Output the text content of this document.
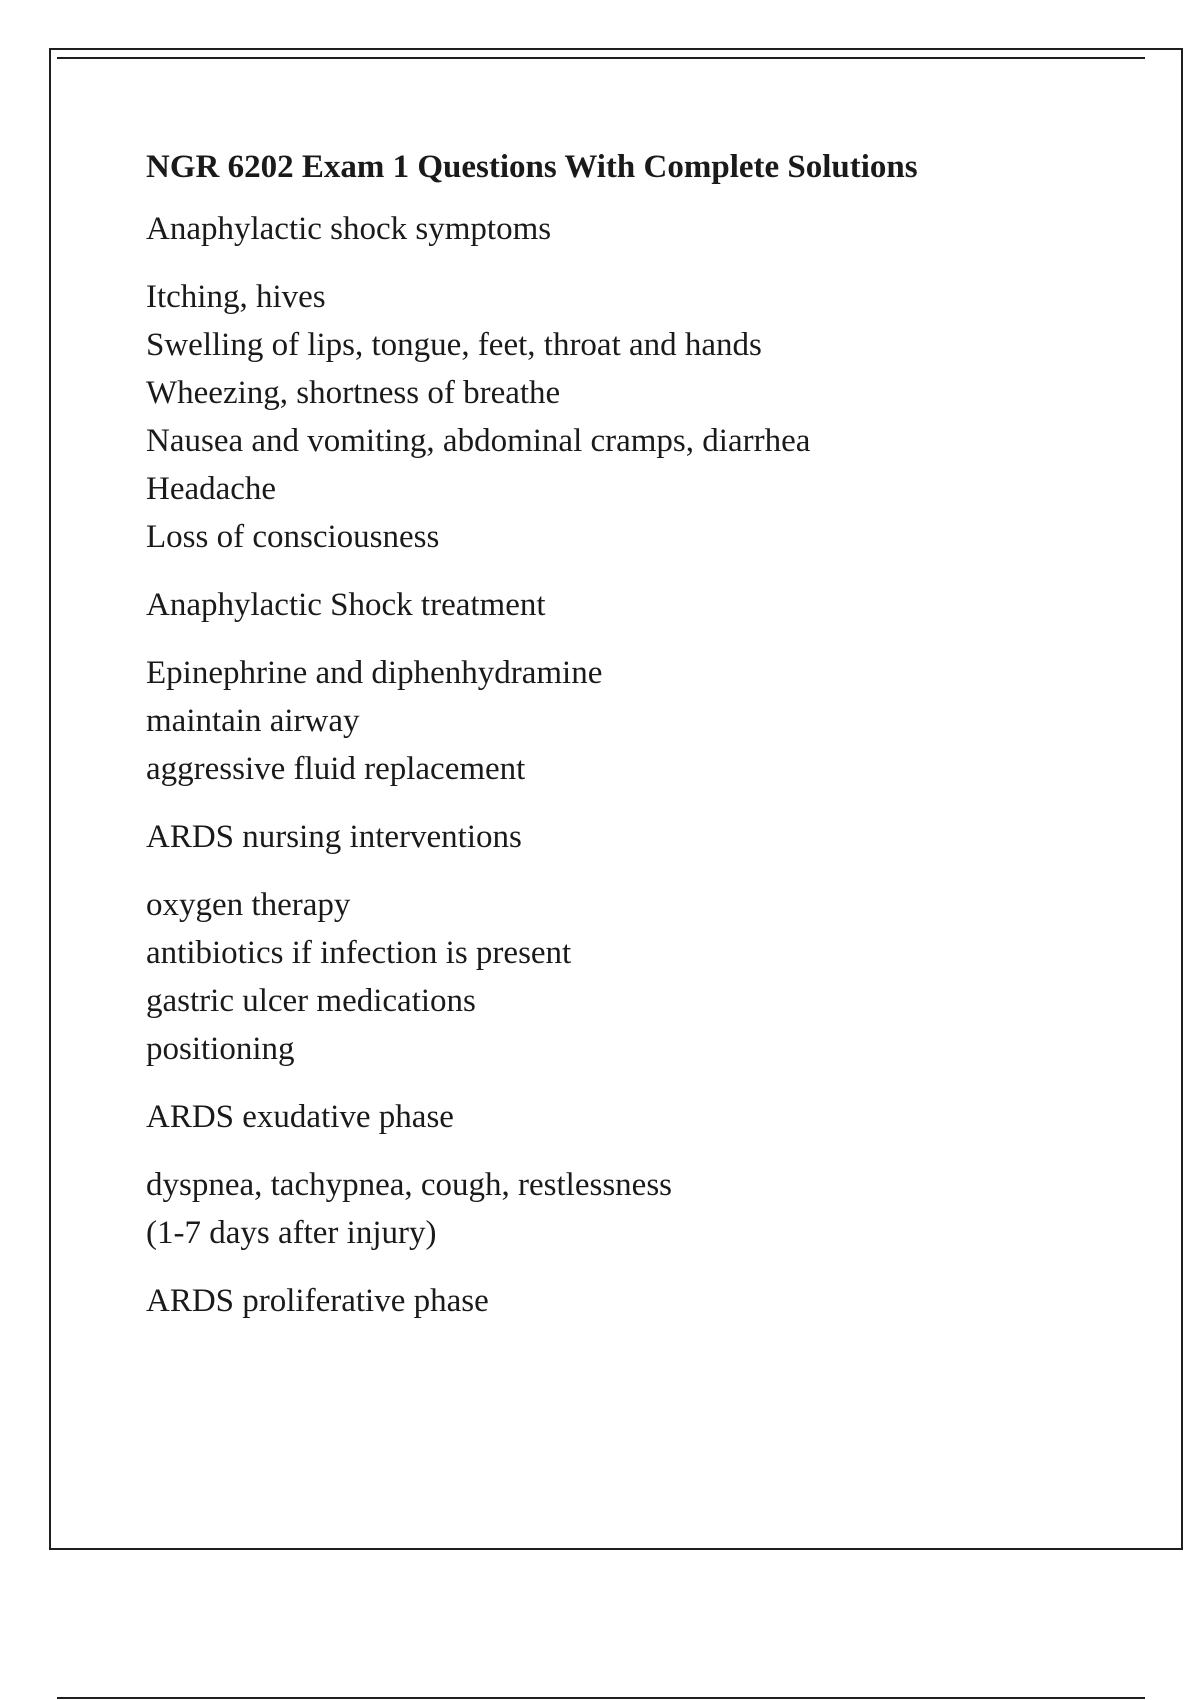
NGR 6202 Exam 1 Questions With Complete Solutions
Anaphylactic shock symptoms
Itching, hives
Swelling of lips, tongue, feet, throat and hands
Wheezing, shortness of breathe
Nausea and vomiting, abdominal cramps, diarrhea
Headache
Loss of consciousness
Anaphylactic Shock treatment
Epinephrine and diphenhydramine
maintain airway
aggressive fluid replacement
ARDS nursing interventions
oxygen therapy
antibiotics if infection is present
gastric ulcer medications
positioning
ARDS exudative phase
dyspnea, tachypnea, cough, restlessness
(1-7 days after injury)
ARDS proliferative phase
